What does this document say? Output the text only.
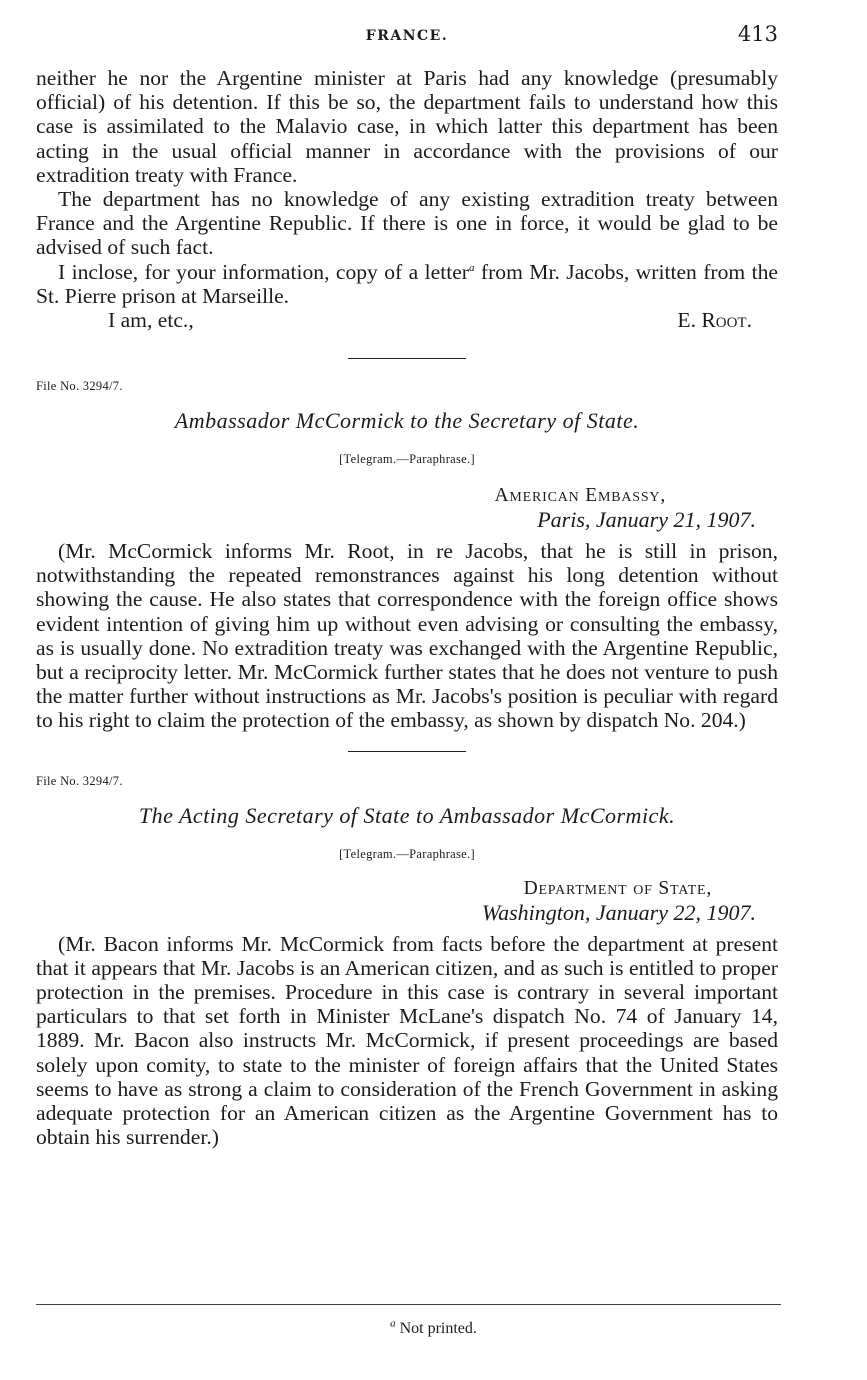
FRANCE.	413

neither he nor the Argentine minister at Paris had any knowledge (presumably official) of his detention. If this be so, the department fails to understand how this case is assimilated to the Malavio case, in which latter this department has been acting in the usual official manner in accordance with the provisions of our extradition treaty with France.

The department has no knowledge of any existing extradition treaty between France and the Argentine Republic. If there is one in force, it would be glad to be advised of such fact.

I inclose, for your information, copy of a letter$^a$ from Mr. Jacobs, written from the St. Pierre prison at Marseille.

I am, etc.,	E. Root.
File No. 3294/7.
Ambassador McCormick to the Secretary of State.
[Telegram.—Paraphrase.]
American Embassy,
Paris, January 21, 1907.

(Mr. McCormick informs Mr. Root, in re Jacobs, that he is still in prison, notwithstanding the repeated remonstrances against his long detention without showing the cause. He also states that correspondence with the foreign office shows evident intention of giving him up without even advising or consulting the embassy, as is usually done. No extradition treaty was exchanged with the Argentine Republic, but a reciprocity letter. Mr. McCormick further states that he does not venture to push the matter further without instructions as Mr. Jacobs's position is peculiar with regard to his right to claim the protection of the embassy, as shown by dispatch No. 204.)

File No. 3294/7.
The Acting Secretary of State to Ambassador McCormick.
[Telegram.—Paraphrase.]
Department of State,
Washington, January 22, 1907.

(Mr. Bacon informs Mr. McCormick from facts before the department at present that it appears that Mr. Jacobs is an American citizen, and as such is entitled to proper protection in the premises. Procedure in this case is contrary in several important particulars to that set forth in Minister McLane's dispatch No. 74 of January 14, 1889. Mr. Bacon also instructs Mr. McCormick, if present proceedings are based solely upon comity, to state to the minister of foreign affairs that the United States seems to have as strong a claim to consideration of the French Government in asking adequate protection for an American citizen as the Argentine Government has to obtain his surrender.)

$^a$ Not printed.
